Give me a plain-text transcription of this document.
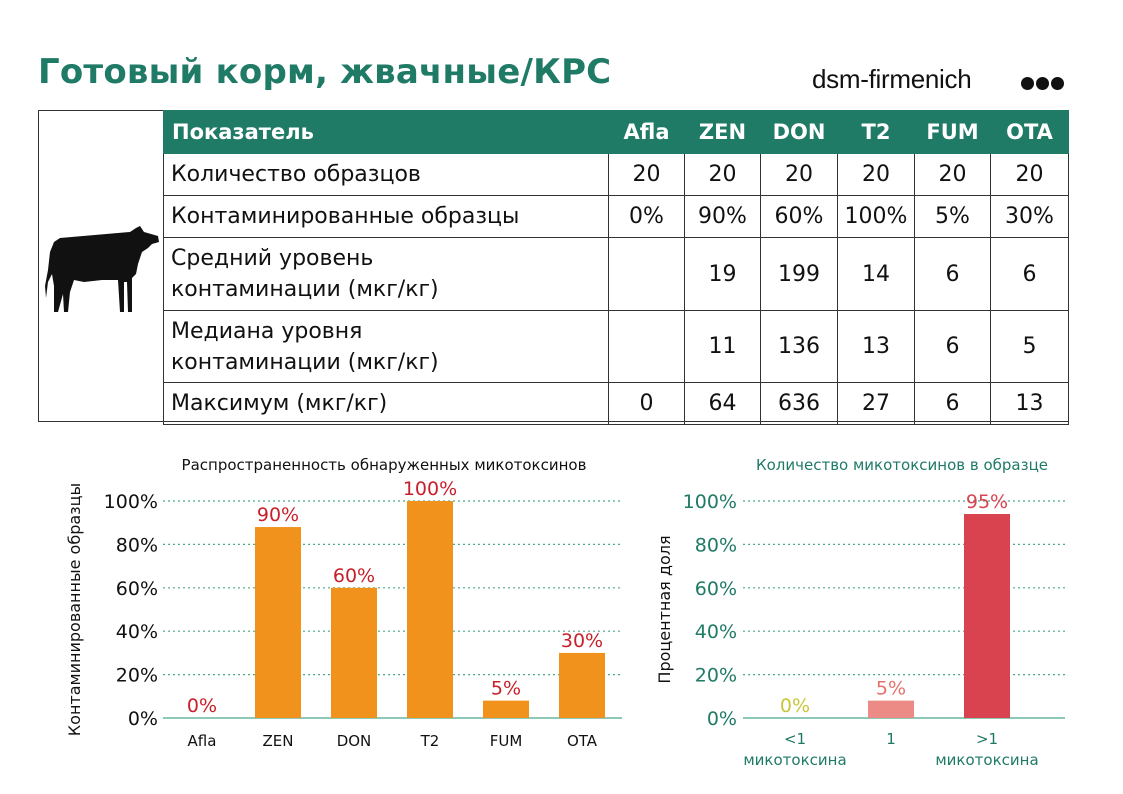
Готовый корм, жвачные/КРС	dsm-firmenich
Показатель	Afla	ZEN	DON	T2	FUM	OTA
Количество образцов	20	20	20	20	20	20
Контаминированные образцы	0%	90%	60%	100%	5%	30%
Средний уровень
контаминации (мкг/кг)		19	199	14	6	6
Медиана уровня
контаминации (мкг/кг)		11	136	13	6	5
Максимум (мкг/кг)	0	64	636	27	6	13
Распространенность обнаруженных микотоксинов
Контаминированные образцы 0%
20%
40%
60%
80%
100%
0%
Afla
90%
ZEN
60%
DON
100%
T2
5%
FUM
30%
OTA
Количество микотоксинов в образце
Процентная доля
0%
20%
40%
60%
80%
100%
0%
<1
микотоксина
5%
1
95%
>1
микотоксина
